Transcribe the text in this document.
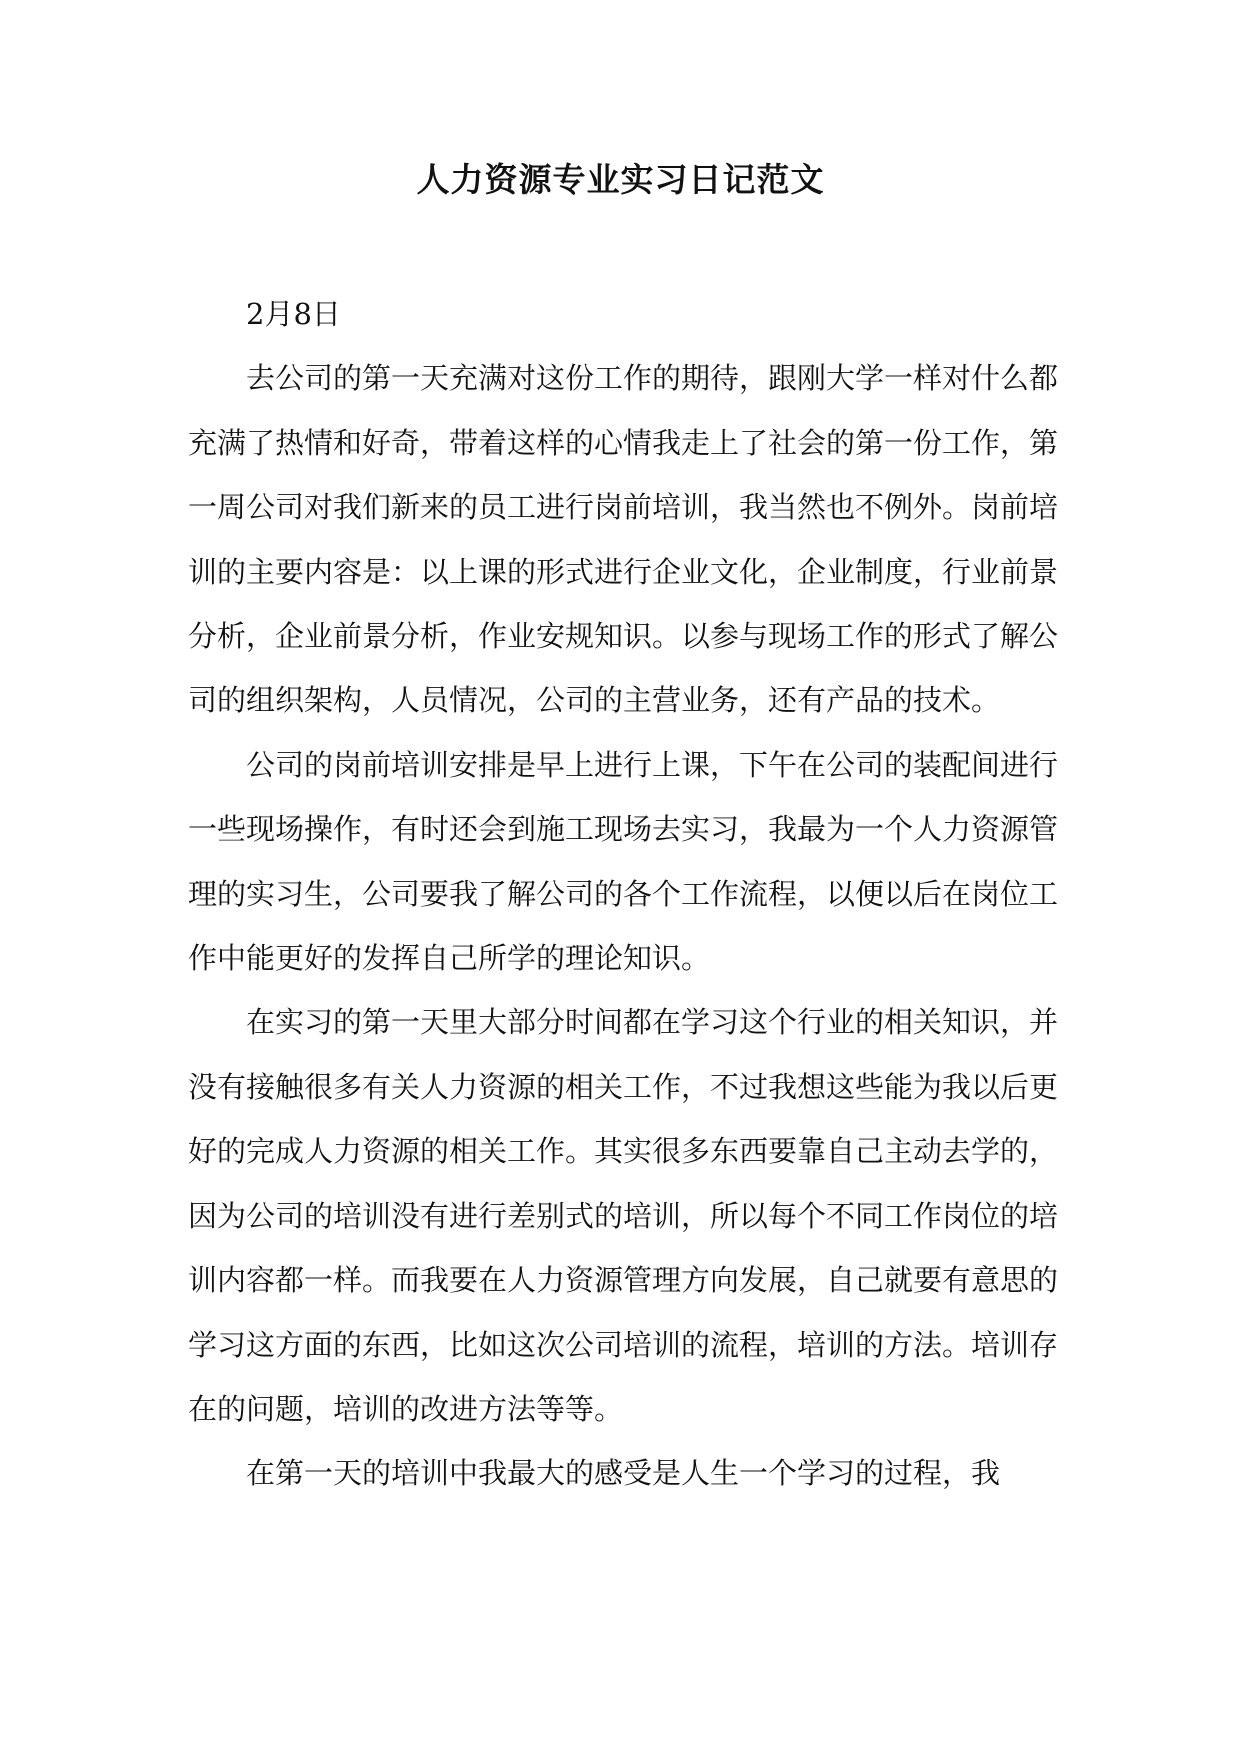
人力资源专业实习日记范文

2月8日

去公司的第一天充满对这份工作的期待，跟刚大学一样对什么都充满了热情和好奇，带着这样的心情我走上了社会的第一份工作，第一周公司对我们新来的员工进行岗前培训，我当然也不例外。岗前培训的主要内容是：以上课的形式进行企业文化，企业制度，行业前景分析，企业前景分析，作业安规知识。以参与现场工作的形式了解公司的组织架构，人员情况，公司的主营业务，还有产品的技术。

公司的岗前培训安排是早上进行上课，下午在公司的装配间进行一些现场操作，有时还会到施工现场去实习，我最为一个人力资源管理的实习生，公司要我了解公司的各个工作流程，以便以后在岗位工作中能更好的发挥自己所学的理论知识。

在实习的第一天里大部分时间都在学习这个行业的相关知识，并没有接触很多有关人力资源的相关工作，不过我想这些能为我以后更好的完成人力资源的相关工作。其实很多东西要靠自己主动去学的，因为公司的培训没有进行差别式的培训，所以每个不同工作岗位的培训内容都一样。而我要在人力资源管理方向发展，自己就要有意思的学习这方面的东西，比如这次公司培训的流程，培训的方法。培训存在的问题，培训的改进方法等等。

在第一天的培训中我最大的感受是人生一个学习的过程，我
